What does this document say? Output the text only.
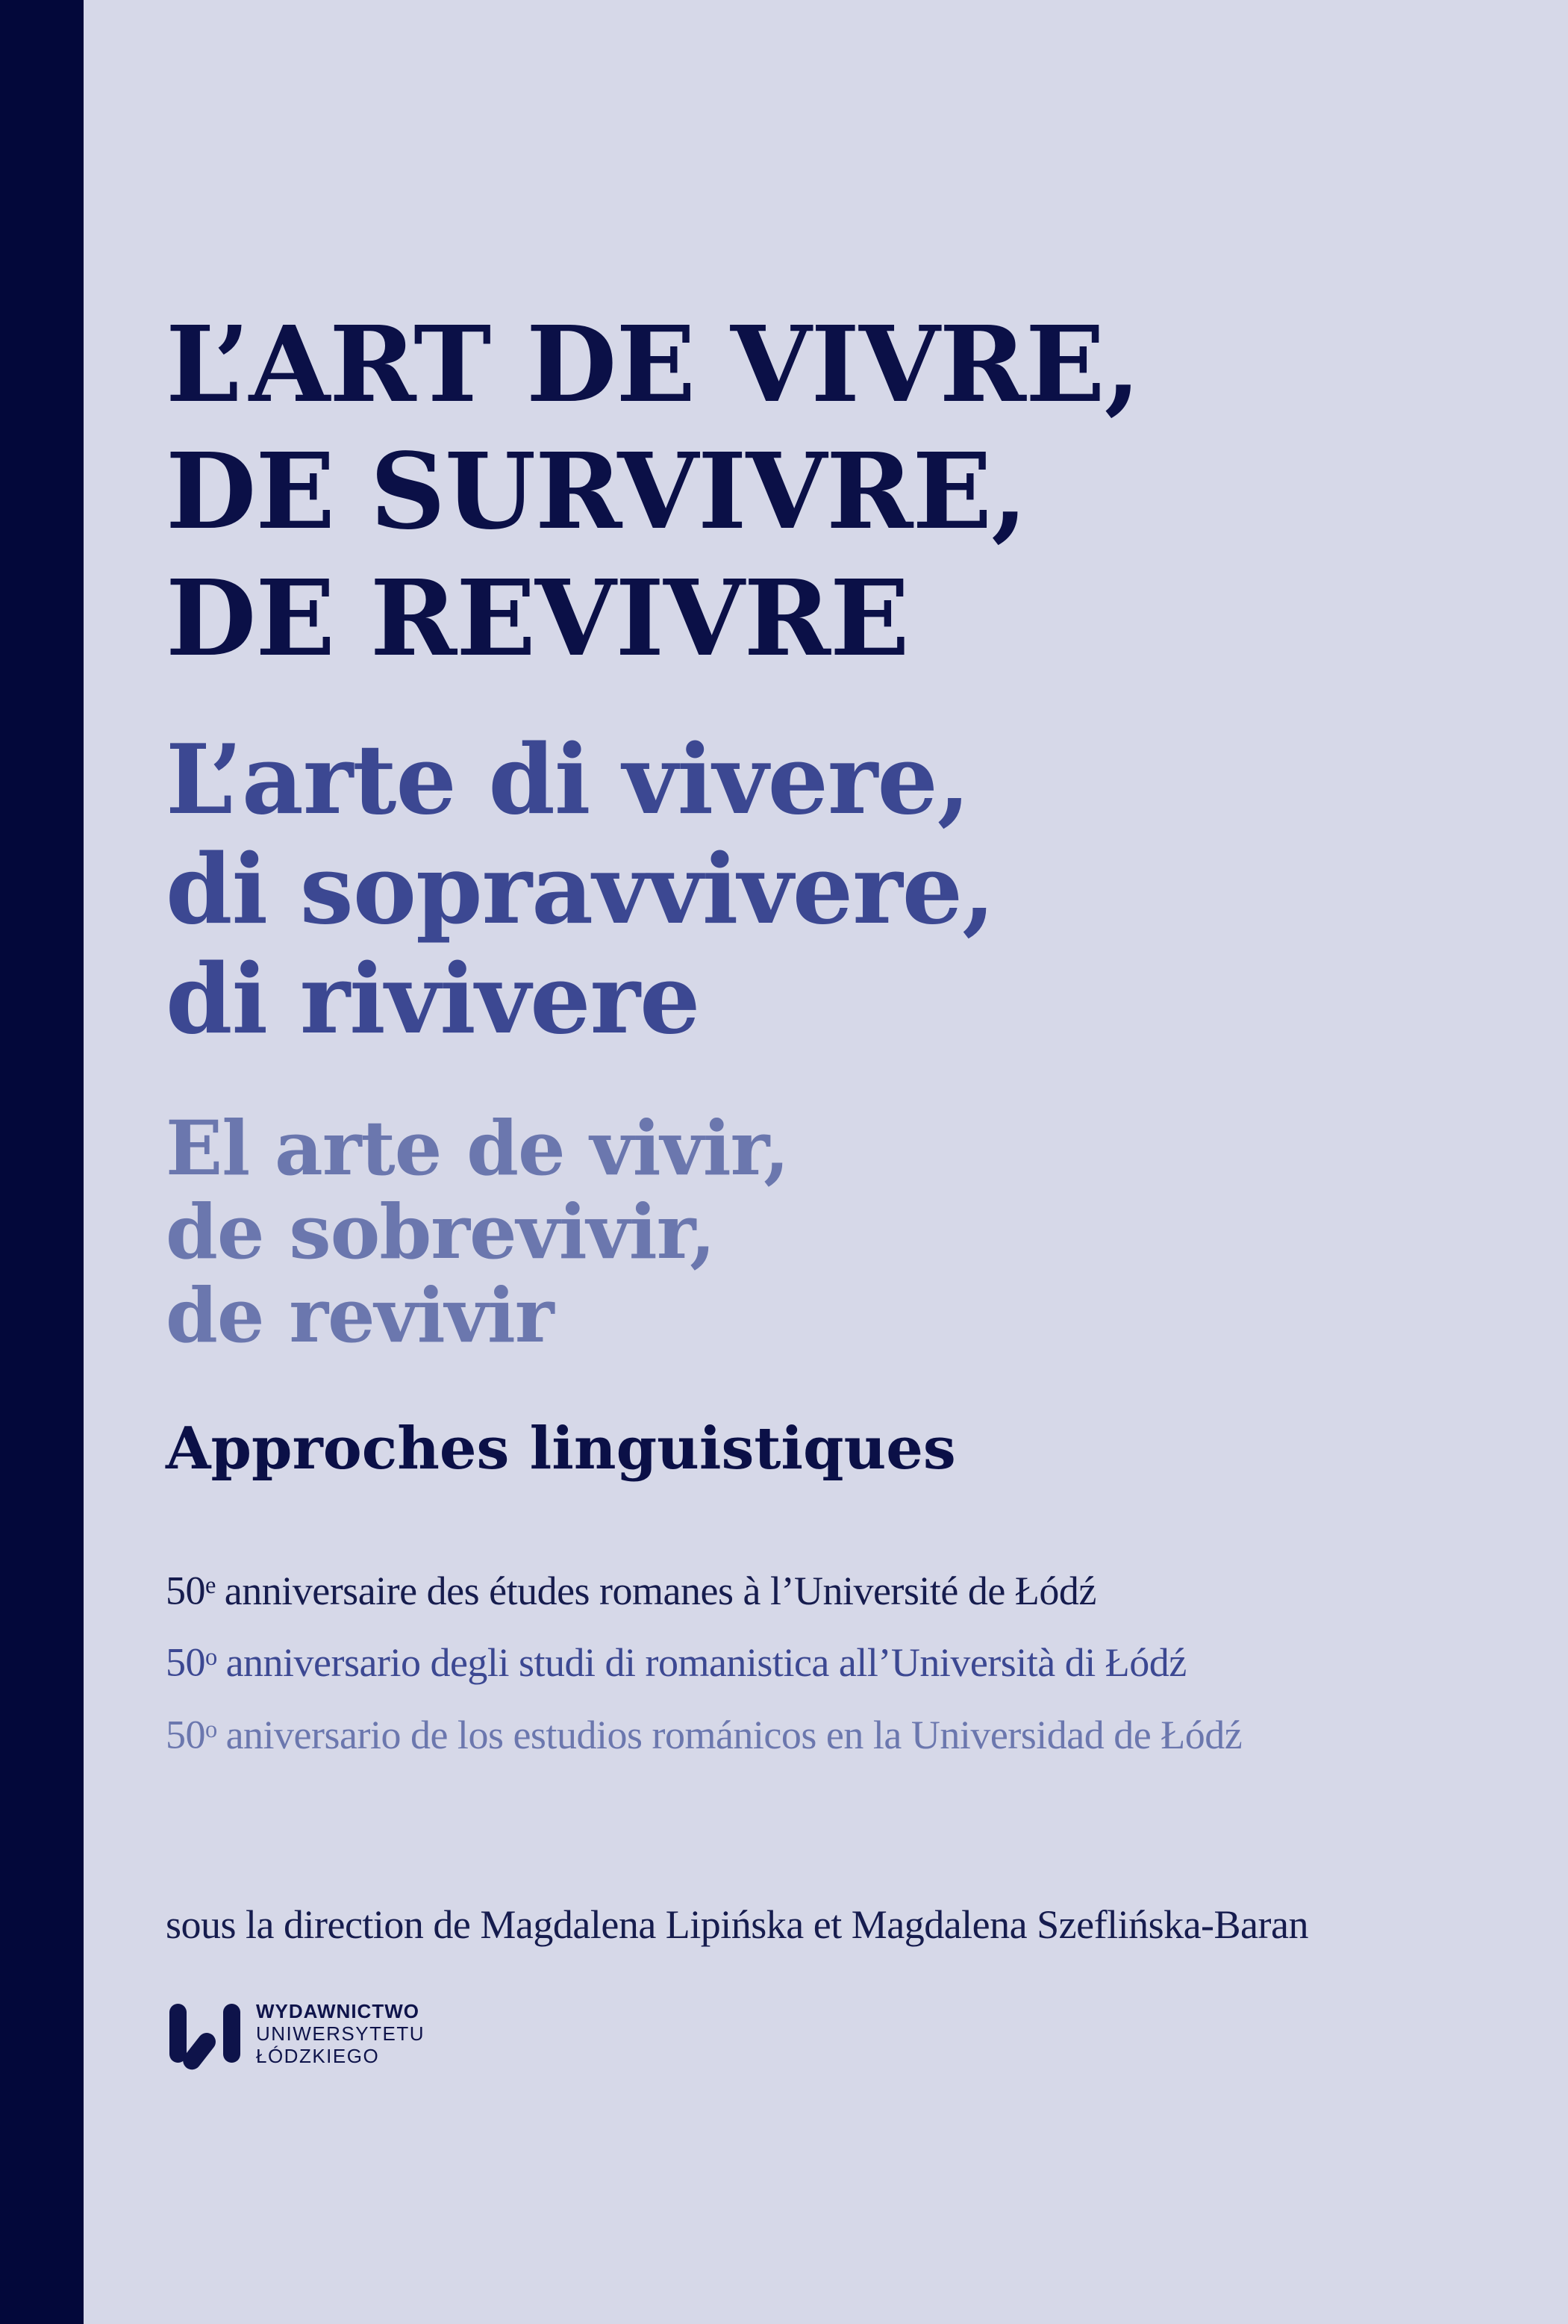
L’ART DE VIVRE,
DE SURVIVRE,
DE REVIVRE
L’arte di vivere,
di sopravvivere,
di rivivere
El arte de vivir,
de sobrevivir,
de revivir
Approches linguistiques
50e anniversaire des études romanes à l’Université de Łódź
50$^o$ anniversario degli studi di romanistica all’Università di Łódź
50$^o$ aniversario de los estudios románicos en la Universidad de Łódź
sous la direction de Magdalena Lipińska et Magdalena Szeflińska-Baran
WYDAWNICTWO
UNIWERSYTETU
ŁÓDZKIEGO
